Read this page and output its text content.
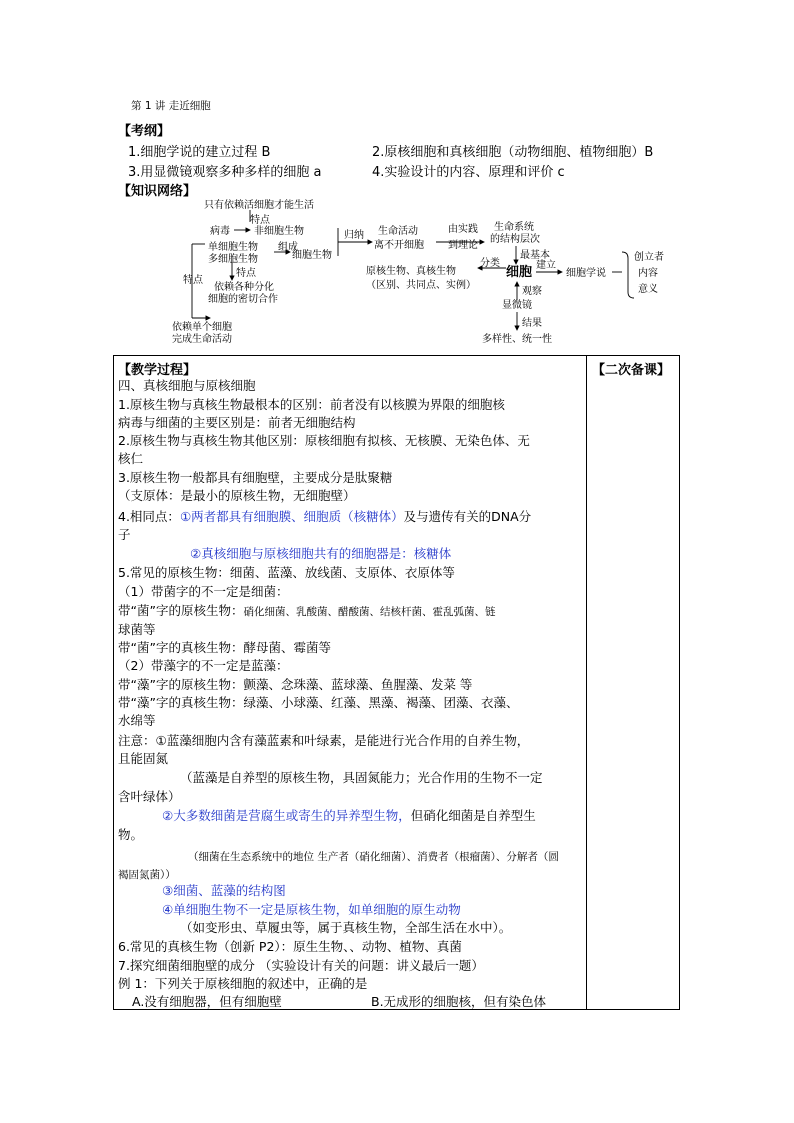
第 1 讲 走近细胞
【考纲】
1.细胞学说的建立过程 B	2.原核细胞和真核细胞（动物细胞、植物细胞）B
3.用显微镜观察多种多样的细胞 a	4.实验设计的内容、原理和评价 c
【知识网络】
只有依赖活细胞才能生活
特点
病毒 非细胞生物
单细胞生物
多细胞生物
组成
细胞生物
特点
依赖各种分化
细胞的密切合作
特点
依赖单个细胞
完成生命活动
归纳 生命活动
离不开细胞
由实践
到理论
生命系统
的结构层次
最基本
细胞
分类	建立
细胞学说
原核生物、真核生物
（区别、共同点、实例）
观察
显微镜
结果
多样性、统一性
创立者
内容
意义
【教学过程】	【二次备课】
四、真核细胞与原核细胞
1.原核生物与真核生物最根本的区别：前者没有以核膜为界限的细胞核
病毒与细菌的主要区别是：前者无细胞结构
2.原核生物与真核生物其他区别：原核细胞有拟核、无核膜、无染色体、无
核仁
3.原核生物一般都具有细胞壁，主要成分是肽聚糖
（支原体：是最小的原核生物，无细胞壁）
4.相同点：①两者都具有细胞膜、细胞质（核糖体）及与遗传有关的DNA分
子
②真核细胞与原核细胞共有的细胞器是：核糖体
5.常见的原核生物：细菌、蓝藻、放线菌、支原体、衣原体等
（1）带菌字的不一定是细菌：
带“菌”字的原核生物：硝化细菌、乳酸菌、醋酸菌、结核杆菌、霍乱弧菌、链
球菌等
带“菌”字的真核生物：酵母菌、霉菌等
（2）带藻字的不一定是蓝藻：
带“藻”字的原核生物：颤藻、念珠藻、蓝球藻、鱼腥藻、发菜 等
带“藻”字的真核生物：绿藻、小球藻、红藻、黑藻、褐藻、团藻、衣藻、
水绵等
注意：①蓝藻细胞内含有藻蓝素和叶绿素，是能进行光合作用的自养生物，
且能固氮
（蓝藻是自养型的原核生物，具固氮能力；光合作用的生物不一定
含叶绿体）
②大多数细菌是营腐生或寄生的异养型生物，但硝化细菌是自养型生
物。
（细菌在生态系统中的地位 生产者（硝化细菌）、消费者（根瘤菌）、分解者（圆
褐固氮菌））
③细菌、蓝藻的结构图
④单细胞生物不一定是原核生物，如单细胞的原生动物
（如变形虫、草履虫等，属于真核生物，全部生活在水中）。
6.常见的真核生物（创新 P2）：原生生物、、动物、植物、真菌
7.探究细菌细胞壁的成分 （实验设计有关的问题：讲义最后一题）
例 1：下列关于原核细胞的叙述中，正确的是
A.没有细胞器，但有细胞壁	B.无成形的细胞核，但有染色体
